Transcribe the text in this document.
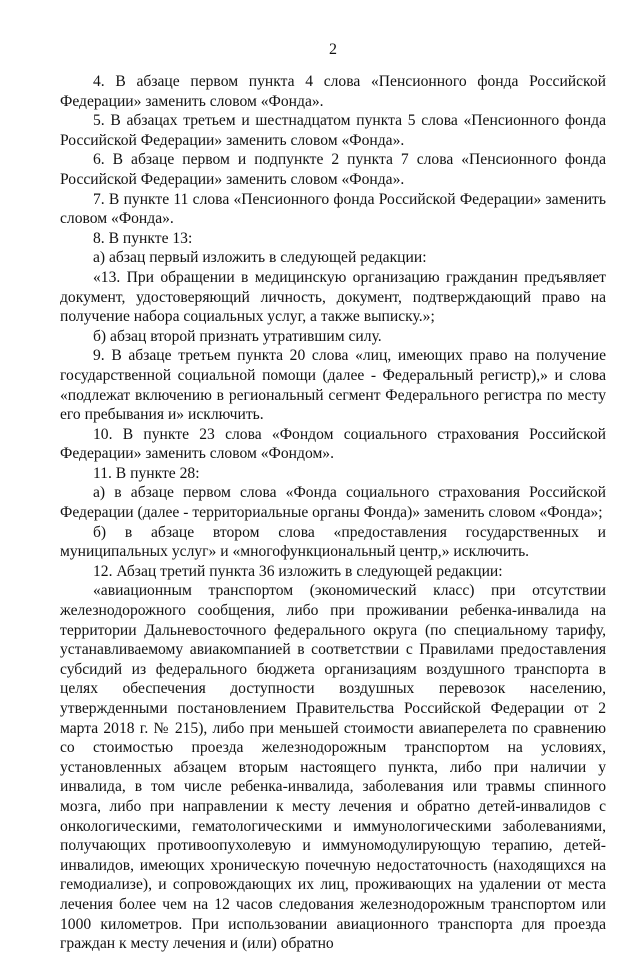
2

4. В абзаце первом пункта 4 слова «Пенсионного фонда Российской Федерации» заменить словом «Фонда».

5. В абзацах третьем и шестнадцатом пункта 5 слова «Пенсионного фонда Российской Федерации» заменить словом «Фонда».

6. В абзаце первом и подпункте 2 пункта 7 слова «Пенсионного фонда Российской Федерации» заменить словом «Фонда».

7. В пункте 11 слова «Пенсионного фонда Российской Федерации» заменить словом «Фонда».

8. В пункте 13:

а) абзац первый изложить в следующей редакции:

«13. При обращении в медицинскую организацию гражданин предъявляет документ, удостоверяющий личность, документ, подтверждающий право на получение набора социальных услуг, а также выписку.»;

б) абзац второй признать утратившим силу.

9. В абзаце третьем пункта 20 слова «лиц, имеющих право на получение государственной социальной помощи (далее - Федеральный регистр),» и слова «подлежат включению в региональный сегмент Федерального регистра по месту его пребывания и» исключить.

10. В пункте 23 слова «Фондом социального страхования Российской Федерации» заменить словом «Фондом».

11. В пункте 28:

а) в абзаце первом слова «Фонда социального страхования Российской Федерации (далее - территориальные органы Фонда)» заменить словом «Фонда»;

б) в абзаце втором слова «предоставления государственных и муниципальных услуг» и «многофункциональный центр,» исключить.

12. Абзац третий пункта 36 изложить в следующей редакции:

«авиационным транспортом (экономический класс) при отсутствии железнодорожного сообщения, либо при проживании ребенка-инвалида на территории Дальневосточного федерального округа (по специальному тарифу, устанавливаемому авиакомпанией в соответствии с Правилами предоставления субсидий из федерального бюджета организациям воздушного транспорта в целях обеспечения доступности воздушных перевозок населению, утвержденными постановлением Правительства Российской Федерации от 2 марта 2018 г. № 215), либо при меньшей стоимости авиаперелета по сравнению со стоимостью проезда железнодорожным транспортом на условиях, установленных абзацем вторым настоящего пункта, либо при наличии у инвалида, в том числе ребенка-инвалида, заболевания или травмы спинного мозга, либо при направлении к месту лечения и обратно детей-инвалидов с онкологическими, гематологическими и иммунологическими заболеваниями, получающих противоопухолевую и иммуномодулирующую терапию, детей-инвалидов, имеющих хроническую почечную недостаточность (находящихся на гемодиализе), и сопровождающих их лиц, проживающих на удалении от места лечения более чем на 12 часов следования железнодорожным транспортом или 1000 километров. При использовании авиационного транспорта для проезда граждан к месту лечения и (или) обратно
